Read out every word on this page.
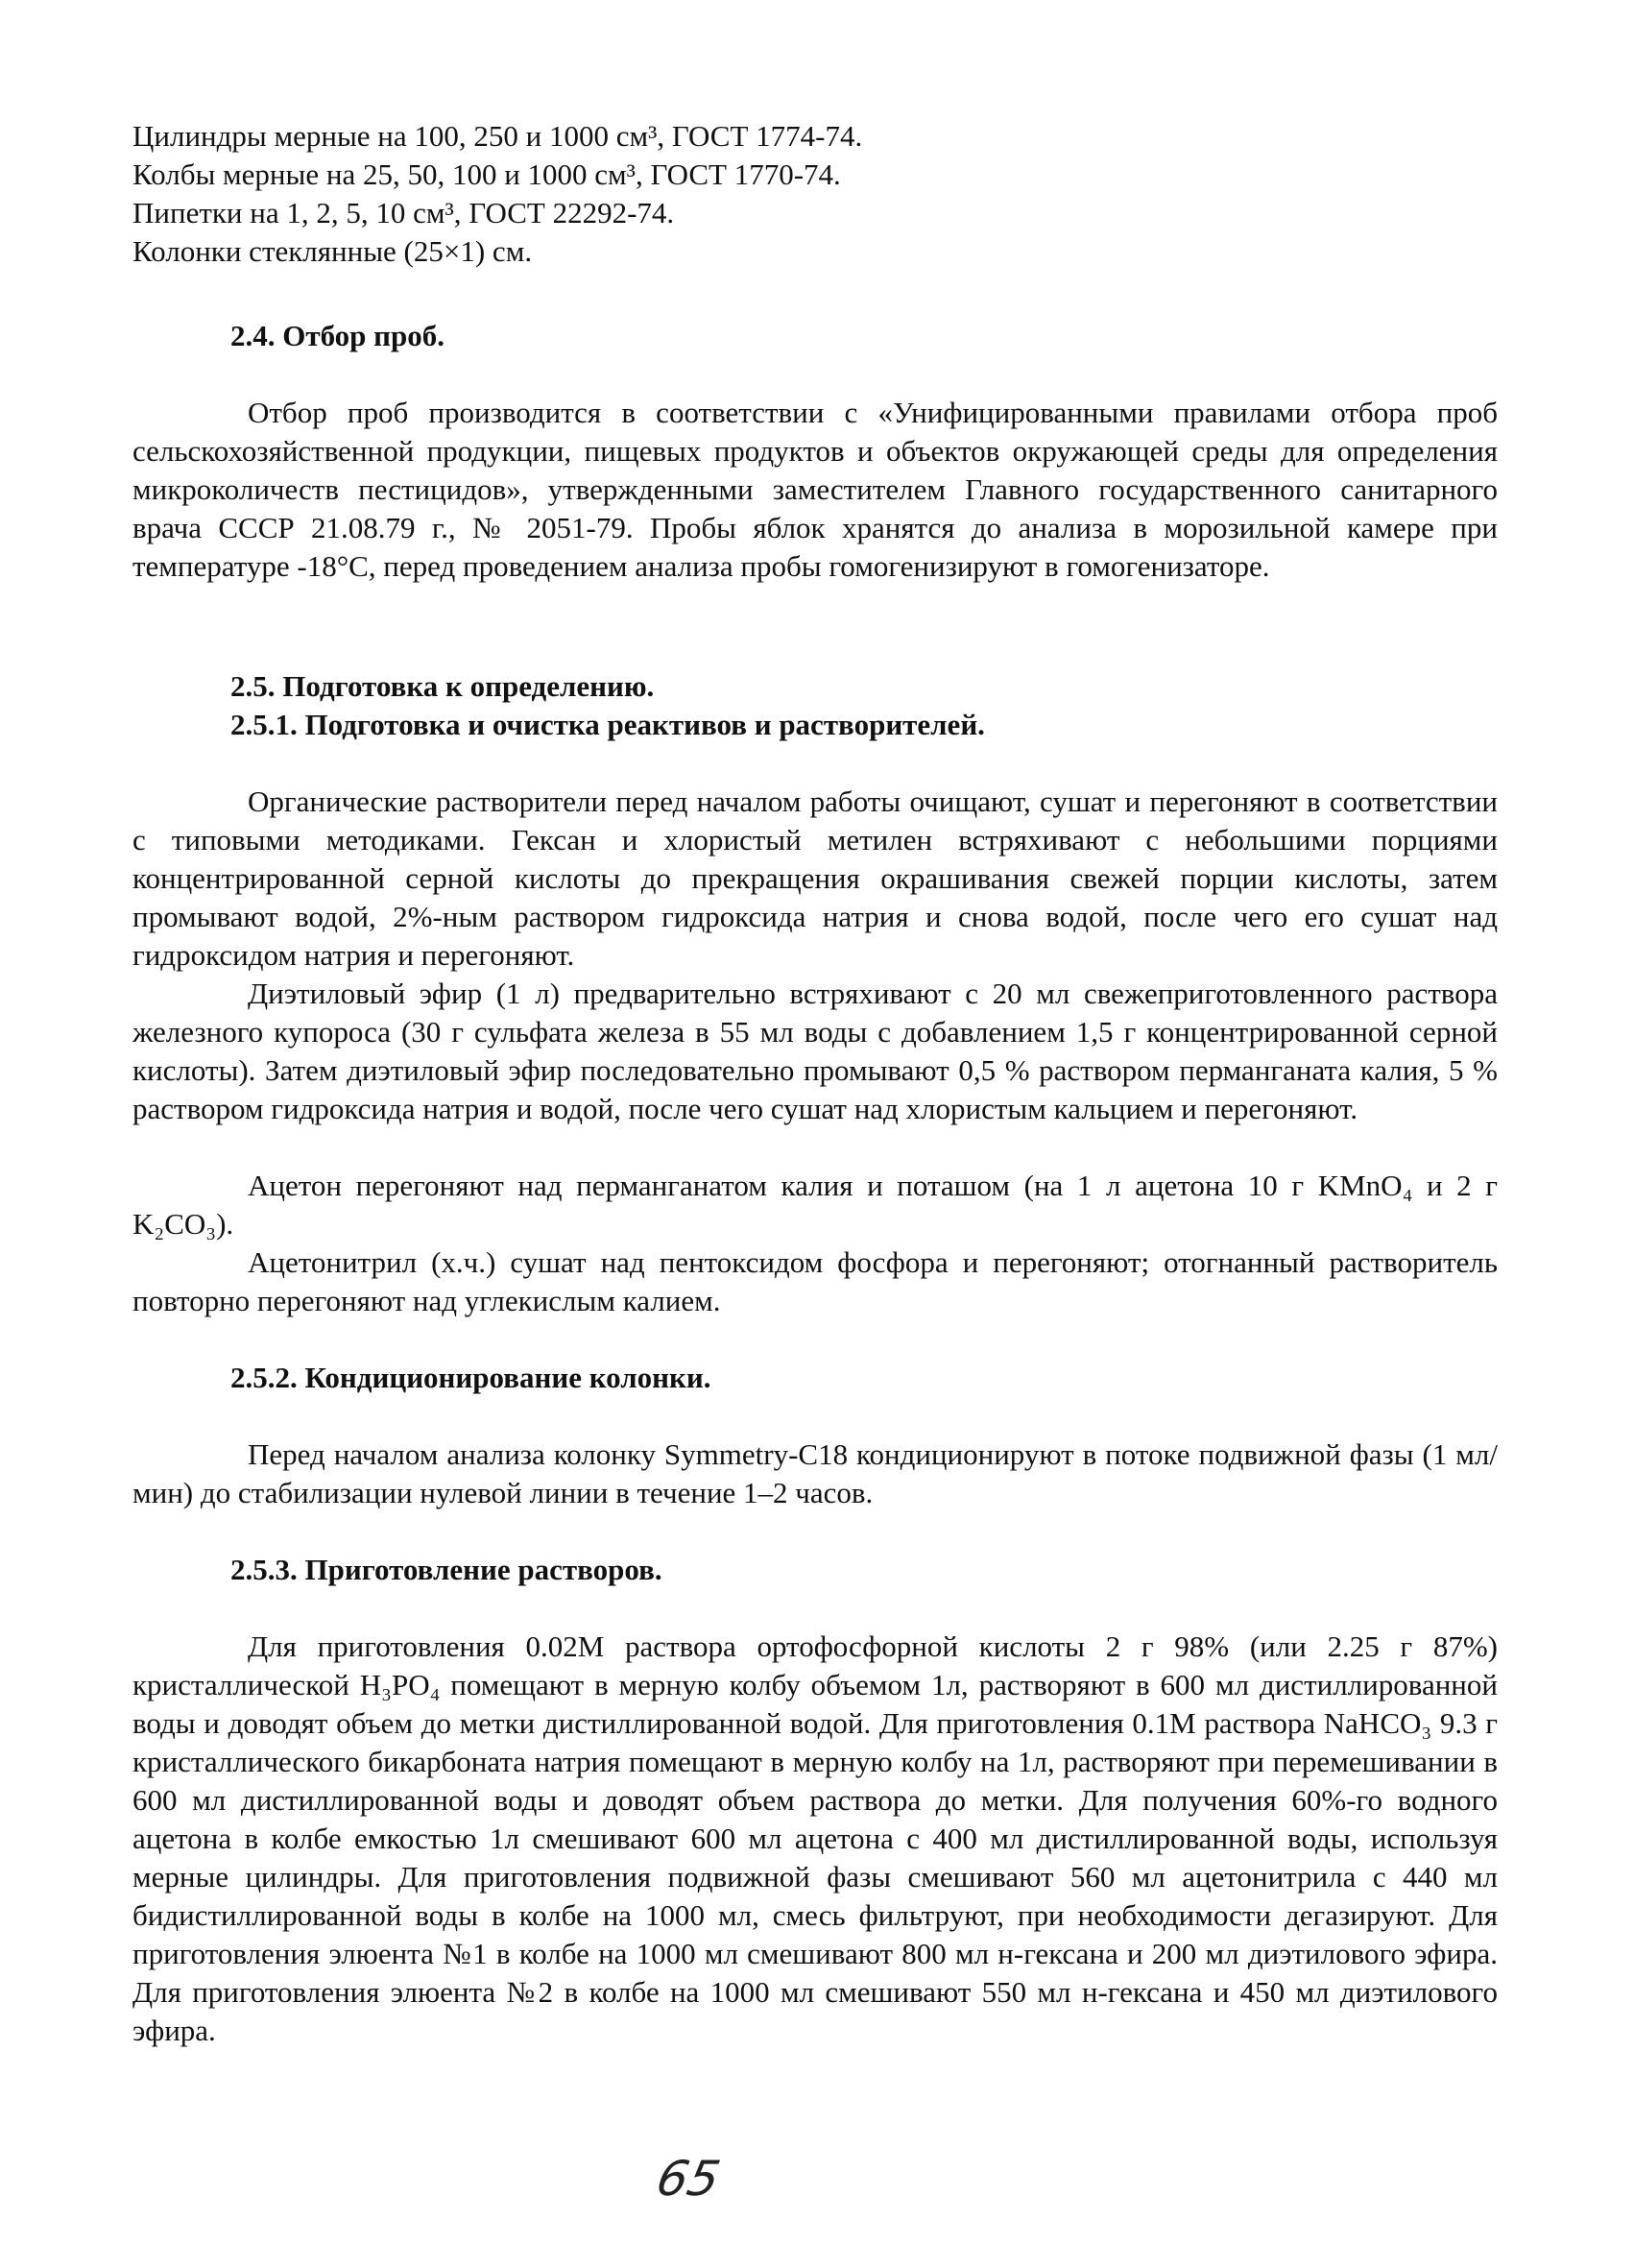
Цилиндры мерные на 100, 250 и 1000 см³, ГОСТ 1774-74.

Колбы мерные на 25, 50, 100 и 1000 см³, ГОСТ 1770-74.

Пипетки на 1, 2, 5, 10 см³, ГОСТ 22292-74.

Колонки стеклянные (25×1) см.

2.4. Отбор проб.
Отбор проб производится в соответствии с «Унифицированными правилами отбора проб сельскохозяйственной продукции, пищевых продуктов и объектов окружающей среды для определения микроколичеств пестицидов», утвержденными заместителем Главного государственного санитарного врача СССР 21.08.79 г., № 2051-79. Пробы яблок хранятся до анализа в морозильной камере при температуре -18°С, перед проведением анализа пробы гомогенизируют в гомогенизаторе.
2.5. Подготовка к определению.
2.5.1. Подготовка и очистка реактивов и растворителей.
Органические растворители перед началом работы очищают, сушат и перегоняют в соответствии с типовыми методиками. Гексан и хлористый метилен встряхивают с небольшими порциями концентрированной серной кислоты до прекращения окрашивания свежей порции кислоты, затем промывают водой, 2%-ным раствором гидроксида натрия и снова водой, после чего его сушат над гидроксидом натрия и перегоняют.
Диэтиловый эфир (1 л) предварительно встряхивают с 20 мл свежеприготовленного раствора железного купороса (30 г сульфата железа в 55 мл воды с добавлением 1,5 г концентрированной серной кислоты). Затем диэтиловый эфир последовательно промывают 0,5 % раствором перманганата калия, 5 % раствором гидроксида натрия и водой, после чего сушат над хлористым кальцием и перегоняют.
Ацетон перегоняют над перманганатом калия и поташом (на 1 л ацетона 10 г KMnO₄ и 2 г K₂CO₃).
Ацетонитрил (х.ч.) сушат над пентоксидом фосфора и перегоняют; отогнанный растворитель повторно перегоняют над углекислым калием.
2.5.2. Кондиционирование колонки.
Перед началом анализа колонку Symmetry-C18 кондиционируют в потоке подвижной фазы (1 мл/мин) до стабилизации нулевой линии в течение 1–2 часов.
2.5.3. Приготовление растворов.
Для приготовления 0.02М раствора ортофосфорной кислоты 2 г 98% (или 2.25 г 87%) кристаллической H₃PO₄ помещают в мерную колбу объемом 1л, растворяют в 600 мл дистиллированной воды и доводят объем до метки дистиллированной водой. Для приготовления 0.1М раствора NaHCO₃ 9.3 г кристаллического бикарбоната натрия помещают в мерную колбу на 1л, растворяют при перемешивании в 600 мл дистиллированной воды и доводят объем раствора до метки. Для получения 60%-го водного ацетона в колбе емкостью 1л смешивают 600 мл ацетона с 400 мл дистиллированной воды, используя мерные цилиндры. Для приготовления подвижной фазы смешивают 560 мл ацетонитрила с 440 мл бидистиллированной воды в колбе на 1000 мл, смесь фильтруют, при необходимости дегазируют. Для приготовления элюента №1 в колбе на 1000 мл смешивают 800 мл н-гексана и 200 мл диэтилового эфира. Для приготовления элюента №2 в колбе на 1000 мл смешивают 550 мл н-гексана и 450 мл диэтилового эфира.
65
